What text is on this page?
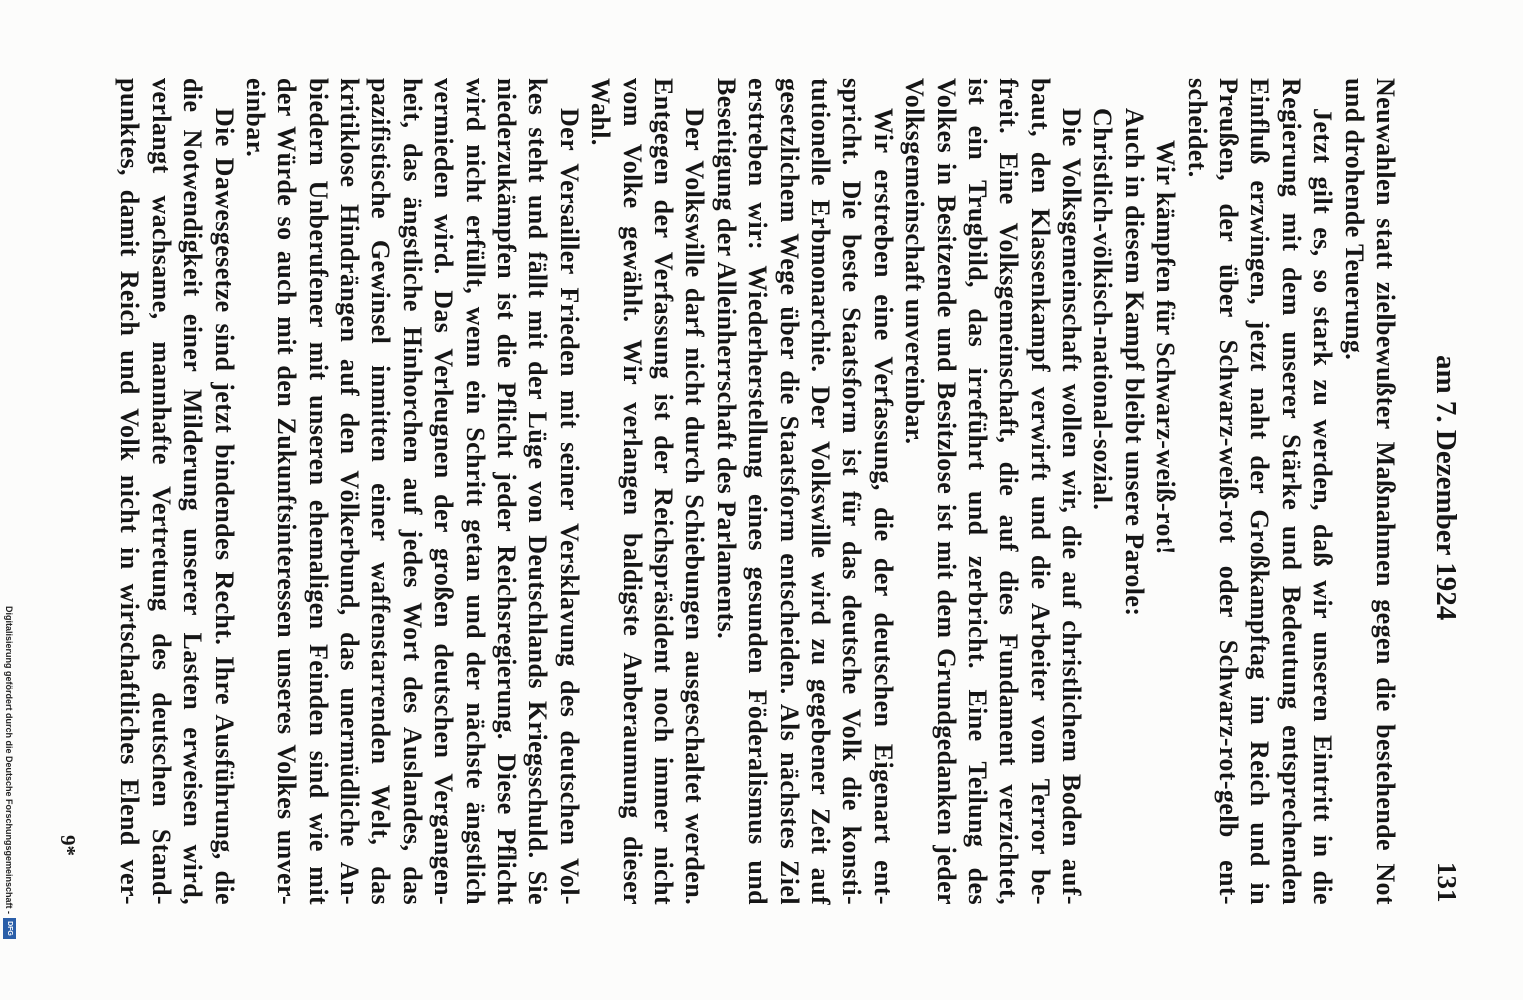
am 7. Dezember 1924
131
Neuwahlen statt zielbewußter Maßnahmen gegen die bestehende Not
und drohende Teuerung.
Jetzt gilt es, so stark zu werden, daß wir unseren Eintritt in die
Regierung mit dem unserer Stärke und Bedeutung entsprechenden
Einfluß erzwingen, jetzt naht der Großkampftag im Reich und in
Preußen, der über Schwarz-weiß-rot oder Schwarz-rot-gelb ent-
scheidet.
Wir kämpfen für Schwarz-weiß-rot!
Auch in diesem Kampf bleibt unsere Parole:
Christlich-völkisch-national-sozial.
Die Volksgemeinschaft wollen wir, die auf christlichem Boden auf-
baut, den Klassenkampf verwirft und die Arbeiter vom Terror be-
freit. Eine Volksgemeinschaft, die auf dies Fundament verzichtet,
ist ein Trugbild, das irreführt und zerbricht. Eine Teilung des
Volkes in Besitzende und Besitzlose ist mit dem Grundgedanken jeder
Volksgemeinschaft unvereinbar.
Wir erstreben eine Verfassung, die der deutschen Eigenart ent-
spricht. Die beste Staatsform ist für das deutsche Volk die konsti-
tutionelle Erbmonarchie. Der Volkswille wird zu gegebener Zeit auf
gesetzlichem Wege über die Staatsform entscheiden. Als nächstes Ziel
erstreben wir: Wiederherstellung eines gesunden Föderalismus und
Beseitigung der Alleinherrschaft des Parlaments.
Der Volkswille darf nicht durch Schiebungen ausgeschaltet werden.
Entgegen der Verfassung ist der Reichspräsident noch immer nicht
vom Volke gewählt. Wir verlangen baldigste Anberaumung dieser
Wahl.
Der Versailler Frieden mit seiner Versklavung des deutschen Vol-
kes steht und fällt mit der Lüge von Deutschlands Kriegsschuld. Sie
niederzukämpfen ist die Pflicht jeder Reichsregierung. Diese Pflicht
wird nicht erfüllt, wenn ein Schritt getan und der nächste ängstlich
vermieden wird. Das Verleugnen der großen deutschen Vergangen-
heit, das ängstliche Hinhorchen auf jedes Wort des Auslandes, das
pazifistische Gewinsel inmitten einer waffenstarrenden Welt, das
kritiklose Hindrängen auf den Völkerbund, das unermüdliche An-
biedern Unberufener mit unseren ehemaligen Feinden sind wie mit
der Würde so auch mit den Zukunftsinteressen unseres Volkes unver-
einbar.
Die Dawesgesetze sind jetzt bindendes Recht. Ihre Ausführung, die
die Notwendigkeit einer Milderung unserer Lasten erweisen wird,
verlangt wachsame, mannhafte Vertretung des deutschen Stand-
punktes, damit Reich und Volk nicht in wirtschaftliches Elend ver-
9*
Digitalisierung gefördert durch die Deutsche Forschungsgemeinschaft -
DFG
